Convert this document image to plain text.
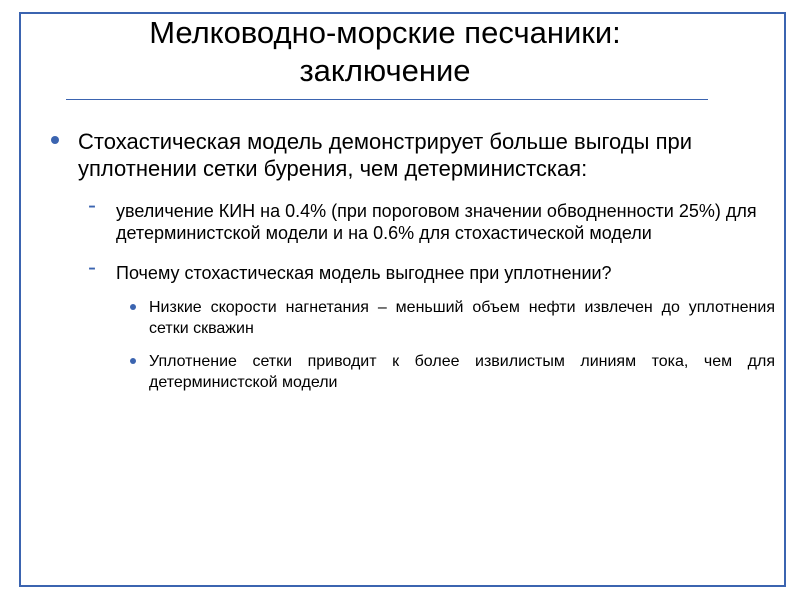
Мелководно-морские песчаники: заключение
Стохастическая модель демонстрирует больше выгоды при уплотнении сетки бурения, чем детерминистская:
- увеличение КИН на 0.4% (при пороговом значении обводненности 25%) для детерминистской модели и на 0.6% для стохастической модели
- Почему стохастическая модель выгоднее при уплотнении?
Низкие скорости нагнетания – меньший объем нефти извлечен до уплотнения сетки скважин
Уплотнение сетки приводит к более извилистым линиям тока, чем для детерминистской модели
